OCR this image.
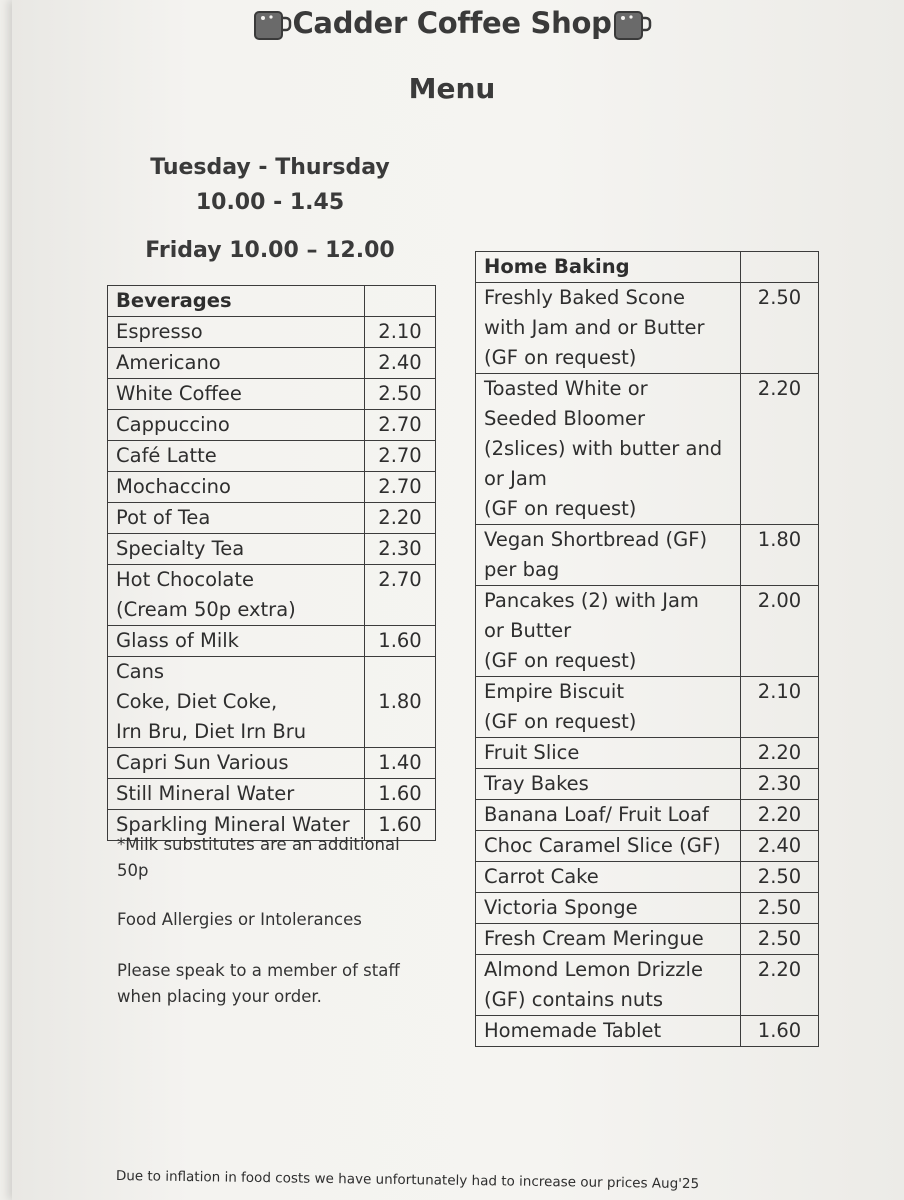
Cadder Coffee Shop
Menu
Tuesday - Thursday
10.00 - 1.45
Friday 10.00 – 12.00
Beverages	

Espresso	2.10

Americano	2.40

White Coffee	2.50

Cappuccino	2.70

Café Latte	2.70

Mochaccino	2.70

Pot of Tea	2.20

Specialty Tea	2.30

Hot Chocolate
(Cream 50p extra)	2.70

Glass of Milk	1.60

Cans
Coke, Diet Coke,
Irn Bru, Diet Irn Bru	1.80

Capri Sun Various	1.40

Still Mineral Water	1.60

Sparkling Mineral Water	1.60
Home Baking	

Freshly Baked Scone
with Jam and or Butter
(GF on request)	2.50

Toasted White or
Seeded Bloomer
(2slices) with butter and
or Jam
(GF on request)	2.20

Vegan Shortbread (GF)
per bag	1.80

Pancakes (2) with Jam
or Butter
(GF on request)	2.00

Empire Biscuit
(GF on request)	2.10

Fruit Slice	2.20

Tray Bakes	2.30

Banana Loaf/ Fruit Loaf	2.20

Choc Caramel Slice (GF)	2.40

Carrot Cake	2.50

Victoria Sponge	2.50

Fresh Cream Meringue	2.50

Almond Lemon Drizzle
(GF) contains nuts	2.20

Homemade Tablet	1.60
*Milk substitutes are an additional 50p
Food Allergies or Intolerances
Please speak to a member of staff when placing your order.
Due to inflation in food costs we have unfortunately had to increase our prices Aug'25
